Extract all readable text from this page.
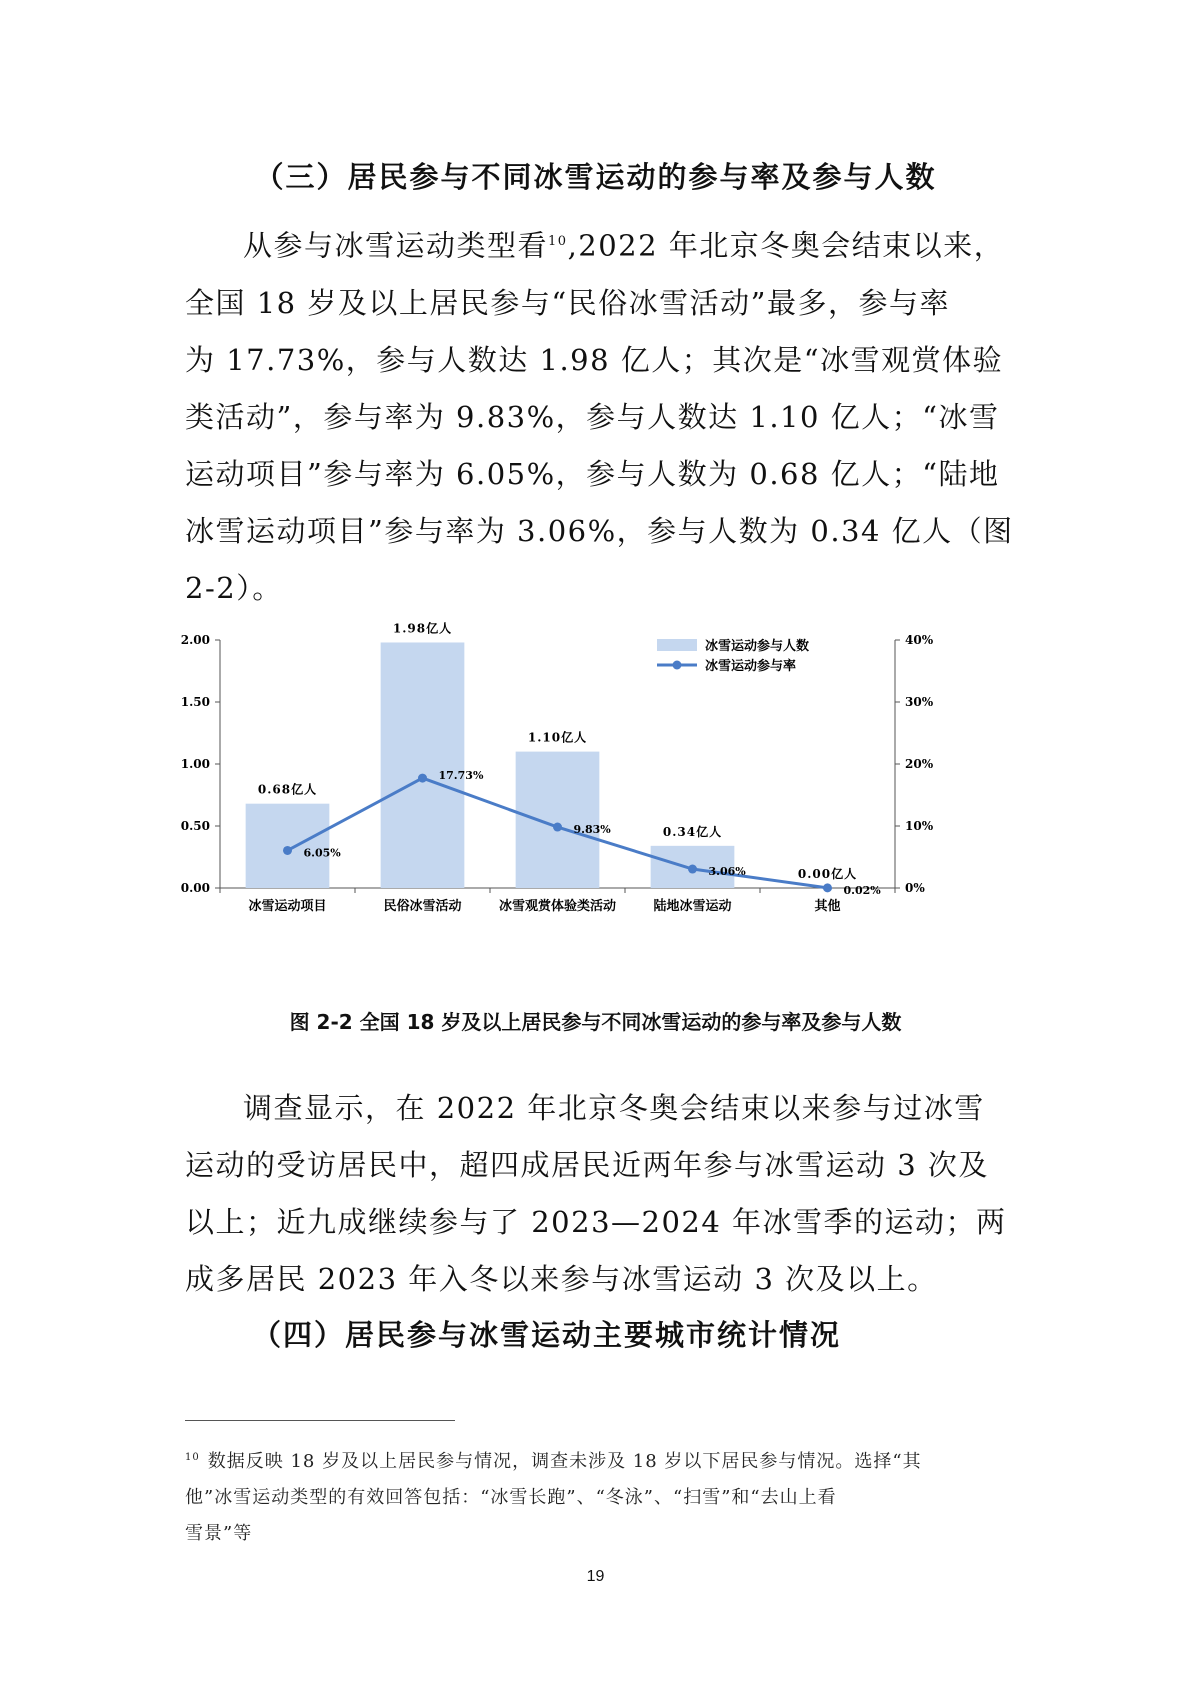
（三）居民参与不同冰雪运动的参与率及参与人数
从参与冰雪运动类型看$^{10}$,2022 年北京冬奥会结束以来，
全国 18 岁及以上居民参与“民俗冰雪活动”最多，参与率
为 17.73%，参与人数达 1.98 亿人；其次是“冰雪观赏体验
类活动”，参与率为 9.83%，参与人数达 1.10 亿人；“冰雪
运动项目”参与率为 6.05%，参与人数为 0.68 亿人；“陆地
冰雪运动项目”参与率为 3.06%，参与人数为 0.34 亿人（图
2-2）。
0.00
0.50
1.00
1.50
2.00
0%
10%
20%
30%
40%
0.68亿人
1.98亿人
1.10亿人
0.34亿人
0.00亿人
冰雪运动项目	民俗冰雪活动	冰雪观赏体验类活动	陆地冰雪运动	其他
6.05%
17.73%
9.83%
3.06%
0.02%
冰雪运动参与人数
冰雪运动参与率
图 2-2 全国 18 岁及以上居民参与不同冰雪运动的参与率及参与人数
调查显示，在 2022 年北京冬奥会结束以来参与过冰雪
运动的受访居民中，超四成居民近两年参与冰雪运动 3 次及
以上；近九成继续参与了 2023—2024 年冰雪季的运动；两
成多居民 2023 年入冬以来参与冰雪运动 3 次及以上。
（四）居民参与冰雪运动主要城市统计情况
$^{10}$ 数据反映 18 岁及以上居民参与情况，调查未涉及 18 岁以下居民参与情况。选择“其
他”冰雪运动类型的有效回答包括：“冰雪长跑”、“冬泳”、“扫雪”和“去山上看
雪景”等
19
